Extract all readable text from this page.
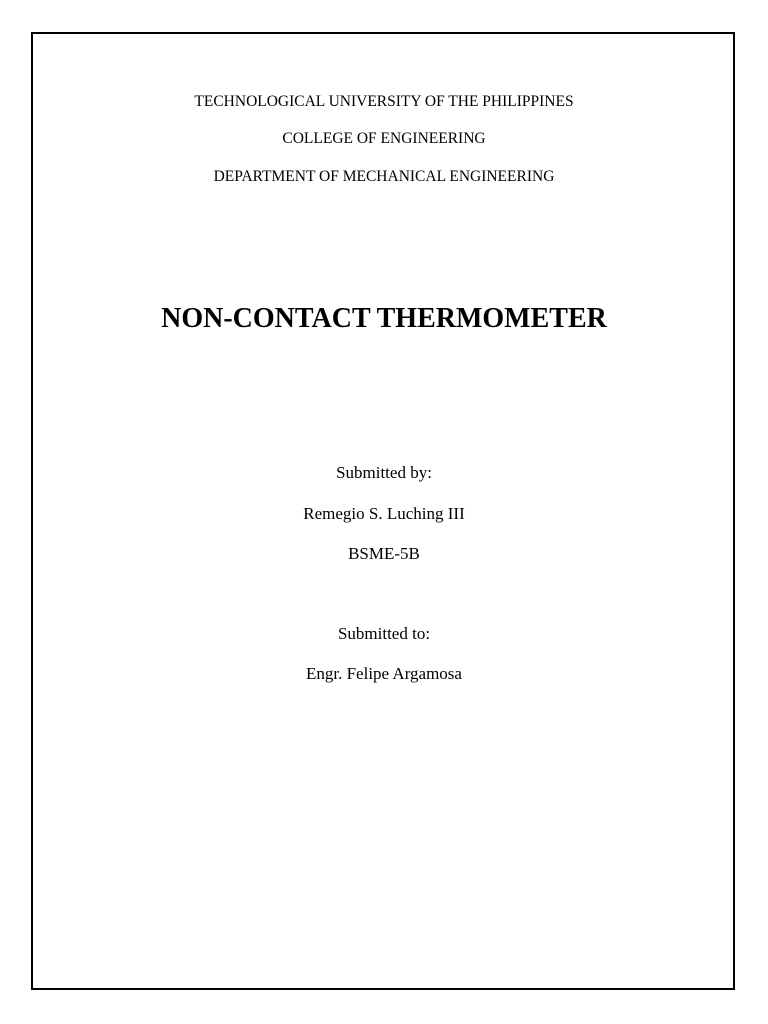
TECHNOLOGICAL UNIVERSITY OF THE PHILIPPINES
COLLEGE OF ENGINEERING
DEPARTMENT OF MECHANICAL ENGINEERING
NON-CONTACT THERMOMETER
Submitted by:
Remegio S. Luching III
BSME-5B
Submitted to:
Engr. Felipe Argamosa
